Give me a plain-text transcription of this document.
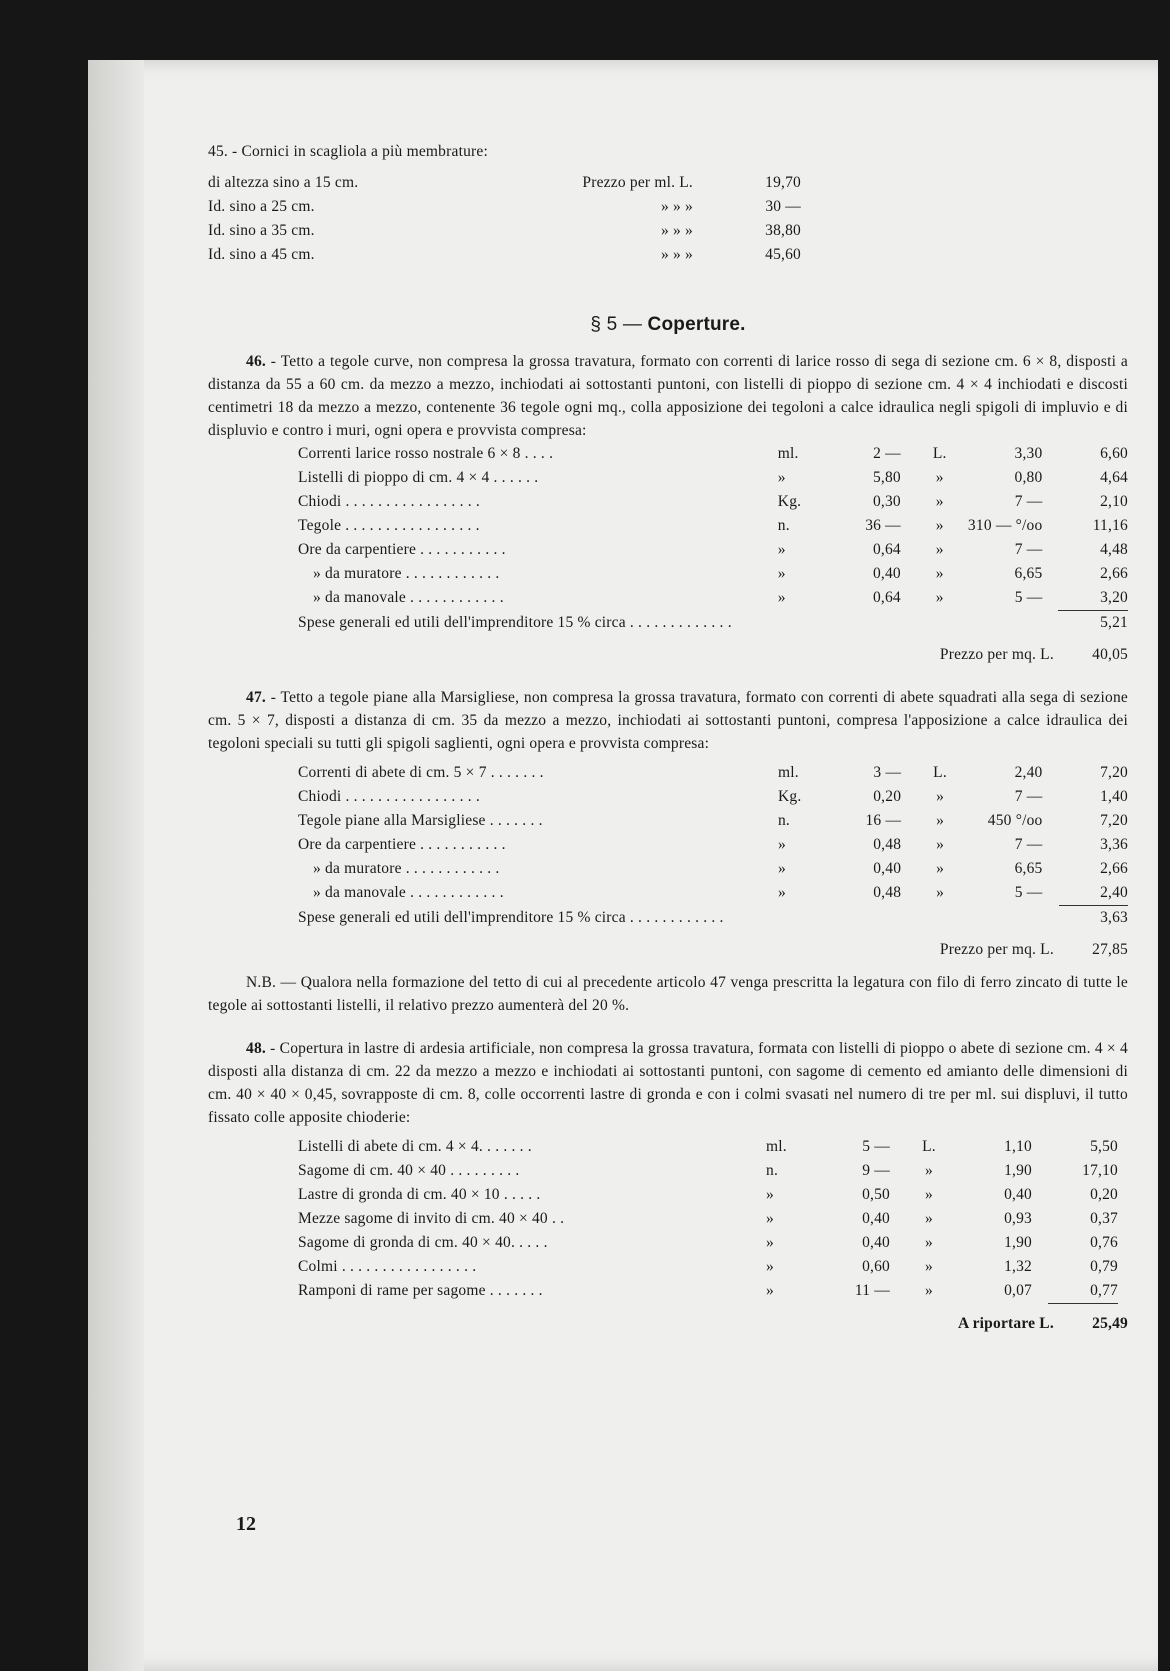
45. - Cornici in scagliola a più membrature:

di altezza sino a 15 cm.	Prezzo per ml. L.	19,70
Id. sino a 25 cm.	» » »	30 —
Id. sino a 35 cm.	» » »	38,80
Id. sino a 45 cm.	» » »	45,60
§ 5 — Coperture.

46. - Tetto a tegole curve, non compresa la grossa travatura, formato con correnti di larice rosso di sega di sezione cm. 6 × 8, disposti a distanza da 55 a 60 cm. da mezzo a mezzo, inchiodati ai sottostanti puntoni, con listelli di pioppo di sezione cm. 4 × 4 inchiodati e discosti centimetri 18 da mezzo a mezzo, contenente 36 tegole ogni mq., colla apposizione dei tegoloni a calce idraulica negli spigoli di impluvio e di displuvio e contro i muri, ogni opera e provvista compresa:

Correnti larice rosso nostrale 6 × 8 . . . .	ml.	2 —	L.	3,30	6,60
Listelli di pioppo di cm. 4 × 4 . . . . . .	»	5,80	»	0,80	4,64
Chiodi . . . . . . . . . . . . . . . . .	Kg.	0,30	»	7 —	2,10
Tegole . . . . . . . . . . . . . . . . .	n.	36 —	»	310 — °/oo	11,16
Ore da carpentiere . . . . . . . . . . .	»	0,64	»	7 —	4,48
» da muratore . . . . . . . . . . . .	»	0,40	»	6,65	2,66
» da manovale . . . . . . . . . . . .	»	0,64	»	5 —	3,20
Spese generali ed utili dell'imprenditore 15 % circa . . . . . . . . . . . . .					5,21

Prezzo per mq. L. 40,05

47. - Tetto a tegole piane alla Marsigliese, non compresa la grossa travatura, formato con correnti di abete squadrati alla sega di sezione cm. 5 × 7, disposti a distanza di cm. 35 da mezzo a mezzo, inchiodati ai sottostanti puntoni, compresa l'apposizione a calce idraulica dei tegoloni speciali su tutti gli spigoli saglienti, ogni opera e provvista compresa:

Correnti di abete di cm. 5 × 7 . . . . . . .	ml.	3 —	L.	2,40	7,20
Chiodi . . . . . . . . . . . . . . . . .	Kg.	0,20	»	7 —	1,40
Tegole piane alla Marsigliese . . . . . . .	n.	16 —	»	450 °/oo	7,20
Ore da carpentiere . . . . . . . . . . .	»	0,48	»	7 —	3,36
» da muratore . . . . . . . . . . . .	»	0,40	»	6,65	2,66
» da manovale . . . . . . . . . . . .	»	0,48	»	5 —	2,40
Spese generali ed utili dell'imprenditore 15 % circa . . . . . . . . . . . .					3,63

Prezzo per mq. L. 27,85

N.B. — Qualora nella formazione del tetto di cui al precedente articolo 47 venga prescritta la legatura con filo di ferro zincato di tutte le tegole ai sottostanti listelli, il relativo prezzo aumenterà del 20 %.

48. - Copertura in lastre di ardesia artificiale, non compresa la grossa travatura, formata con listelli di pioppo o abete di sezione cm. 4 × 4 disposti alla distanza di cm. 22 da mezzo a mezzo e inchiodati ai sottostanti puntoni, con sagome di cemento ed amianto delle dimensioni di cm. 40 × 40 × 0,45, sovrapposte di cm. 8, colle occorrenti lastre di gronda e con i colmi svasati nel numero di tre per ml. sui displuvi, il tutto fissato colle apposite chioderie:

Listelli di abete di cm. 4 × 4. . . . . . .	ml.	5 —	L.	1,10	5,50
Sagome di cm. 40 × 40 . . . . . . . . .	n.	9 —	»	1,90	17,10
Lastre di gronda di cm. 40 × 10 . . . . .	»	0,50	»	0,40	0,20
Mezze sagome di invito di cm. 40 × 40 . .	»	0,40	»	0,93	0,37
Sagome di gronda di cm. 40 × 40. . . . .	»	0,40	»	1,90	0,76
Colmi . . . . . . . . . . . . . . . . .	»	0,60	»	1,32	0,79
Ramponi di rame per sagome . . . . . . .	»	11 —	»	0,07	0,77

A riportare L. 25,49

12
